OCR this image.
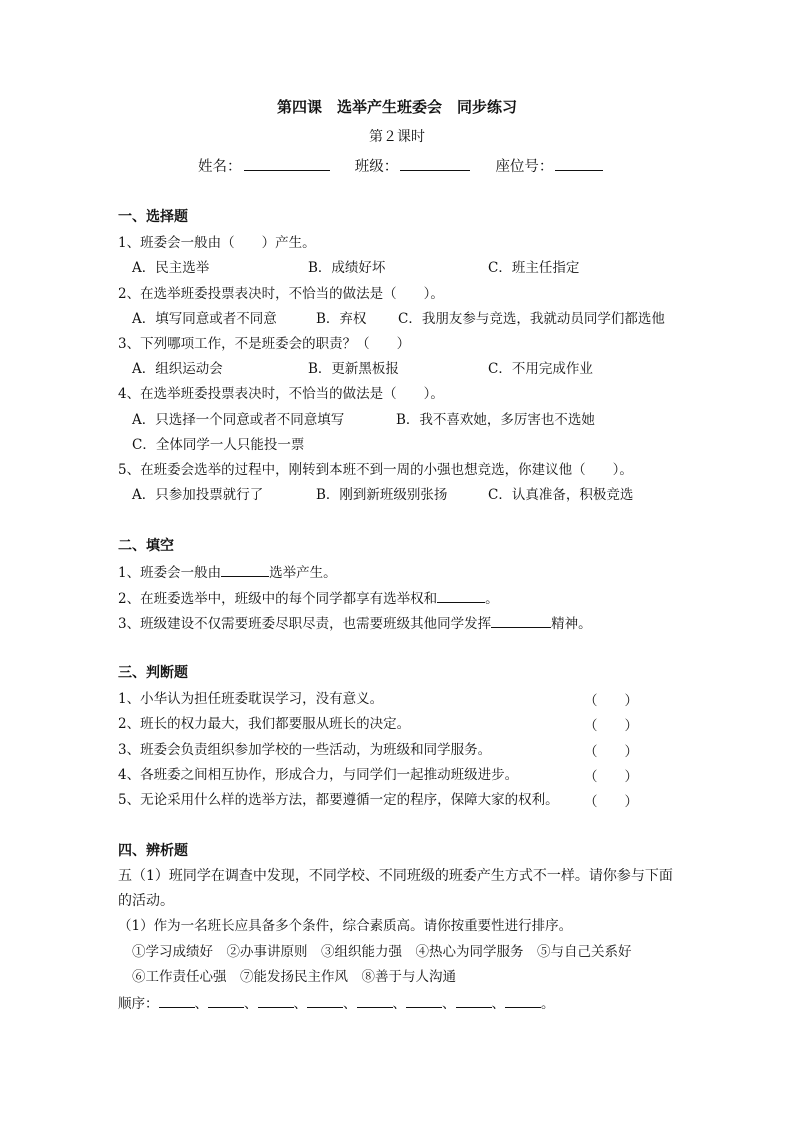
第四课　选举产生班委会　同步练习
第２课时
姓名：	班级：	座位号：
一、选择题
1、班委会一般由（　　）产生。
A．民主选举	B．成绩好坏	C．班主任指定
2、在选举班委投票表决时，不恰当的做法是（　　）。
A．填写同意或者不同意	B．弃权 C．我朋友参与竞选，我就动员同学们都选他
3、下列哪项工作，不是班委会的职责？（　　）
A．组织运动会	B．更新黑板报	C．不用完成作业
4、在选举班委投票表决时，不恰当的做法是（　　）。
A．只选择一个同意或者不同意填写	B．我不喜欢她，多厉害也不选她
C．全体同学一人只能投一票
5、在班委会选举的过程中，刚转到本班不到一周的小强也想竞选，你建议他（　　）。
A．只参加投票就行了	B．刚到新班级别张扬	C．认真准备，积极竞选
二、填空
1、班委会一般由	选举产生。
2、在班委选举中，班级中的每个同学都享有选举权和	。
3、班级建设不仅需要班委尽职尽责，也需要班级其他同学发挥	精神。
三、判断题
1、小华认为担任班委耽误学习，没有意义。	（　　）
2、班长的权力最大，我们都要服从班长的决定。	（　　）
3、班委会负责组织参加学校的一些活动，为班级和同学服务。	（　　）
4、各班委之间相互协作，形成合力，与同学们一起推动班级进步。	（　　）
5、无论采用什么样的选举方法，都要遵循一定的程序，保障大家的权利。 （　　）
四、辨析题
五（1）班同学在调查中发现，不同学校、不同班级的班委产生方式不一样。请你参与下面
的活动。
（1）作为一名班长应具备多个条件，综合素质高。请你按重要性进行排序。
①学习成绩好　②办事讲原则　③组织能力强　④热心为同学服务　⑤与自己关系好
⑥工作责任心强　⑦能发扬民主作风　⑧善于与人沟通
顺序：	、	、	、	、	、	、	、	。
